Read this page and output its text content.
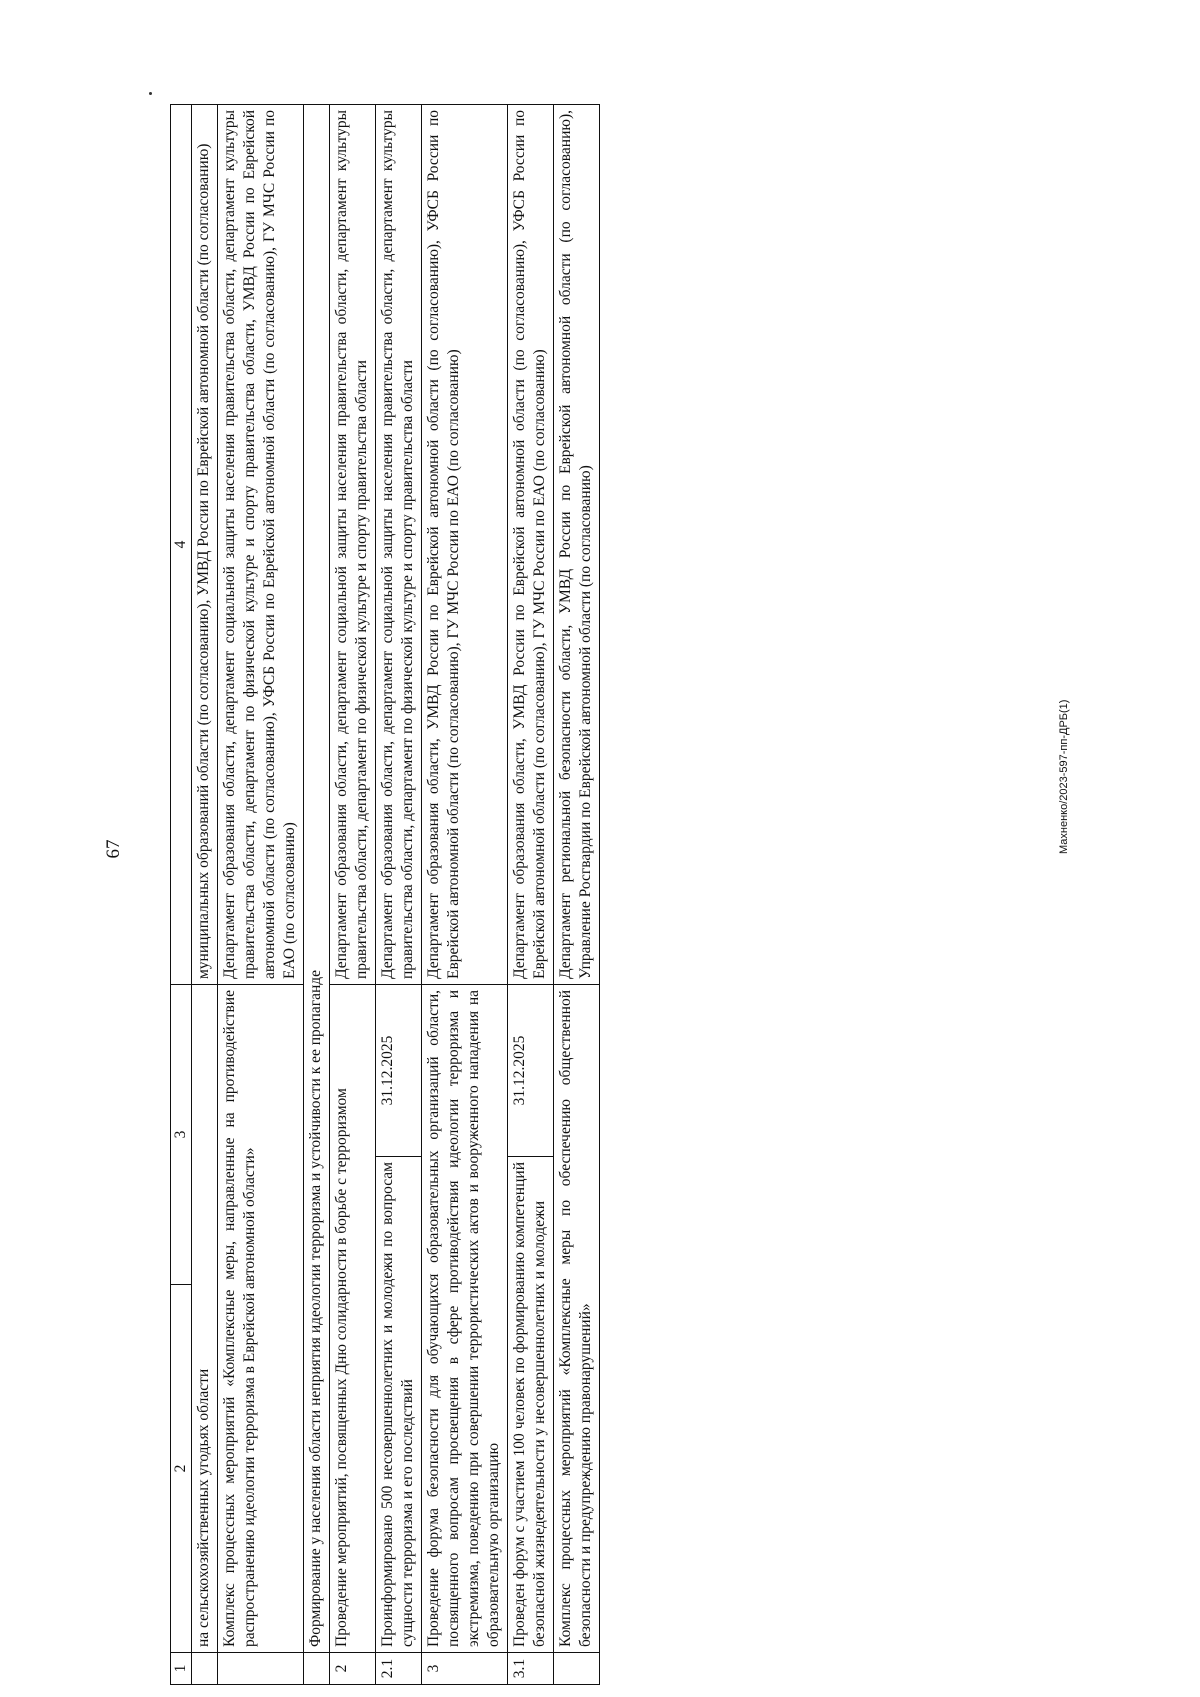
67	Махненко/2023-597-пп-ДРБ(1)
1	2	3		4
	на сельскохозяйственных угодьях области			муниципальных образований области (по согласованию), УМВД России по Еврейской автономной области (по согласованию)
	Комплекс процессных мероприятий «Комплексные меры, направленные на противодействие распространению идеологии терроризма в Еврейской автономной области»			Департамент образования области, департамент социальной защиты населения правительства области, департамент культуры правительства области, департамент по физической культуре и спорту правительства области, УМВД России по Еврейской автономной области (по согласованию), УФСБ России по Еврейской автономной области (по согласованию), ГУ МЧС России по ЕАО (по согласованию)
	Формирование у населения области неприятия идеологии терроризма и устойчивости к ее пропаганде			
2	Проведение мероприятий, посвященных Дню солидарности в борьбе с терроризмом			Департамент образования области, департамент социальной защиты населения правительства области, департамент культуры правительства области, департамент по физической культуре и спорту правительства области
2.1	Проинформировано 500 несовершеннолетних и молодежи по вопросам сущности терроризма и его последствий		31.12.2025	Департамент образования области, департамент социальной защиты населения правительства области, департамент культуры правительства области, департамент по физической культуре и спорту правительства области
3	Проведение форума безопасности для обучающихся образовательных организаций области, посвященного вопросам просвещения в сфере противодействия идеологии терроризма и экстремизма, поведению при совершении террористических актов и вооруженного нападения на образовательную организацию			Департамент образования области, УМВД России по Еврейской автономной области (по согласованию), УФСБ России по Еврейской автономной области (по согласованию), ГУ МЧС России по ЕАО (по согласованию)
3.1	Проведен форум с участием 100 человек по формированию компетенций безопасной жизнедеятельности у несовершеннолетних и молодежи		31.12.2025	Департамент образования области, УМВД России по Еврейской автономной области (по согласованию), УФСБ России по Еврейской автономной области (по согласованию), ГУ МЧС России по ЕАО (по согласованию)
	Комплекс процессных мероприятий «Комплексные меры по обеспечению общественной безопасности и предупреждению правонарушений»			Департамент региональной безопасности области, УМВД России по Еврейской автономной области (по согласованию), Управление Росгвардии по Еврейской автономной области (по согласованию)
